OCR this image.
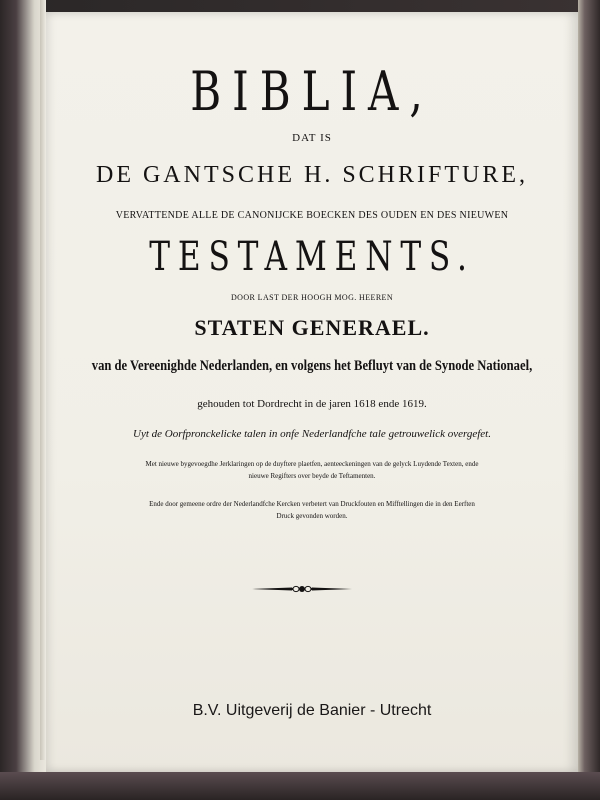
BIBLIA,
DAT IS
DE GANTSCHE H. SCHRIFTURE,
VERVATTENDE ALLE DE CANONIJCKE BOECKEN DES OUDEN EN DES NIEUWEN
TESTAMENTS.
DOOR LAST DER HOOGH MOG. HEEREN
STATEN GENERAEL.
van de Vereenighde Nederlanden, en volgens het Befluyt van de Synode Nationael,
gehouden tot Dordrecht in de jaren 1618 ende 1619.
Uyt de Oorfpronckelicke talen in onfe Nederlandfche tale getrouwelick overgefet.
Met nieuwe bygevoegdhe Jerklaringen op de duyftere plaetfen, aenteeckeningen van de gelyck Luydende Texten, ende
nieuwe Regifters over beyde de Teftamenten.
Ende door gemeene ordre der Nederlandfche Kercken verbetert van Druckfouten en Mifftellingen die in den Eerften
Druck gevonden worden.
B.V. Uitgeverij de Banier - Utrecht
